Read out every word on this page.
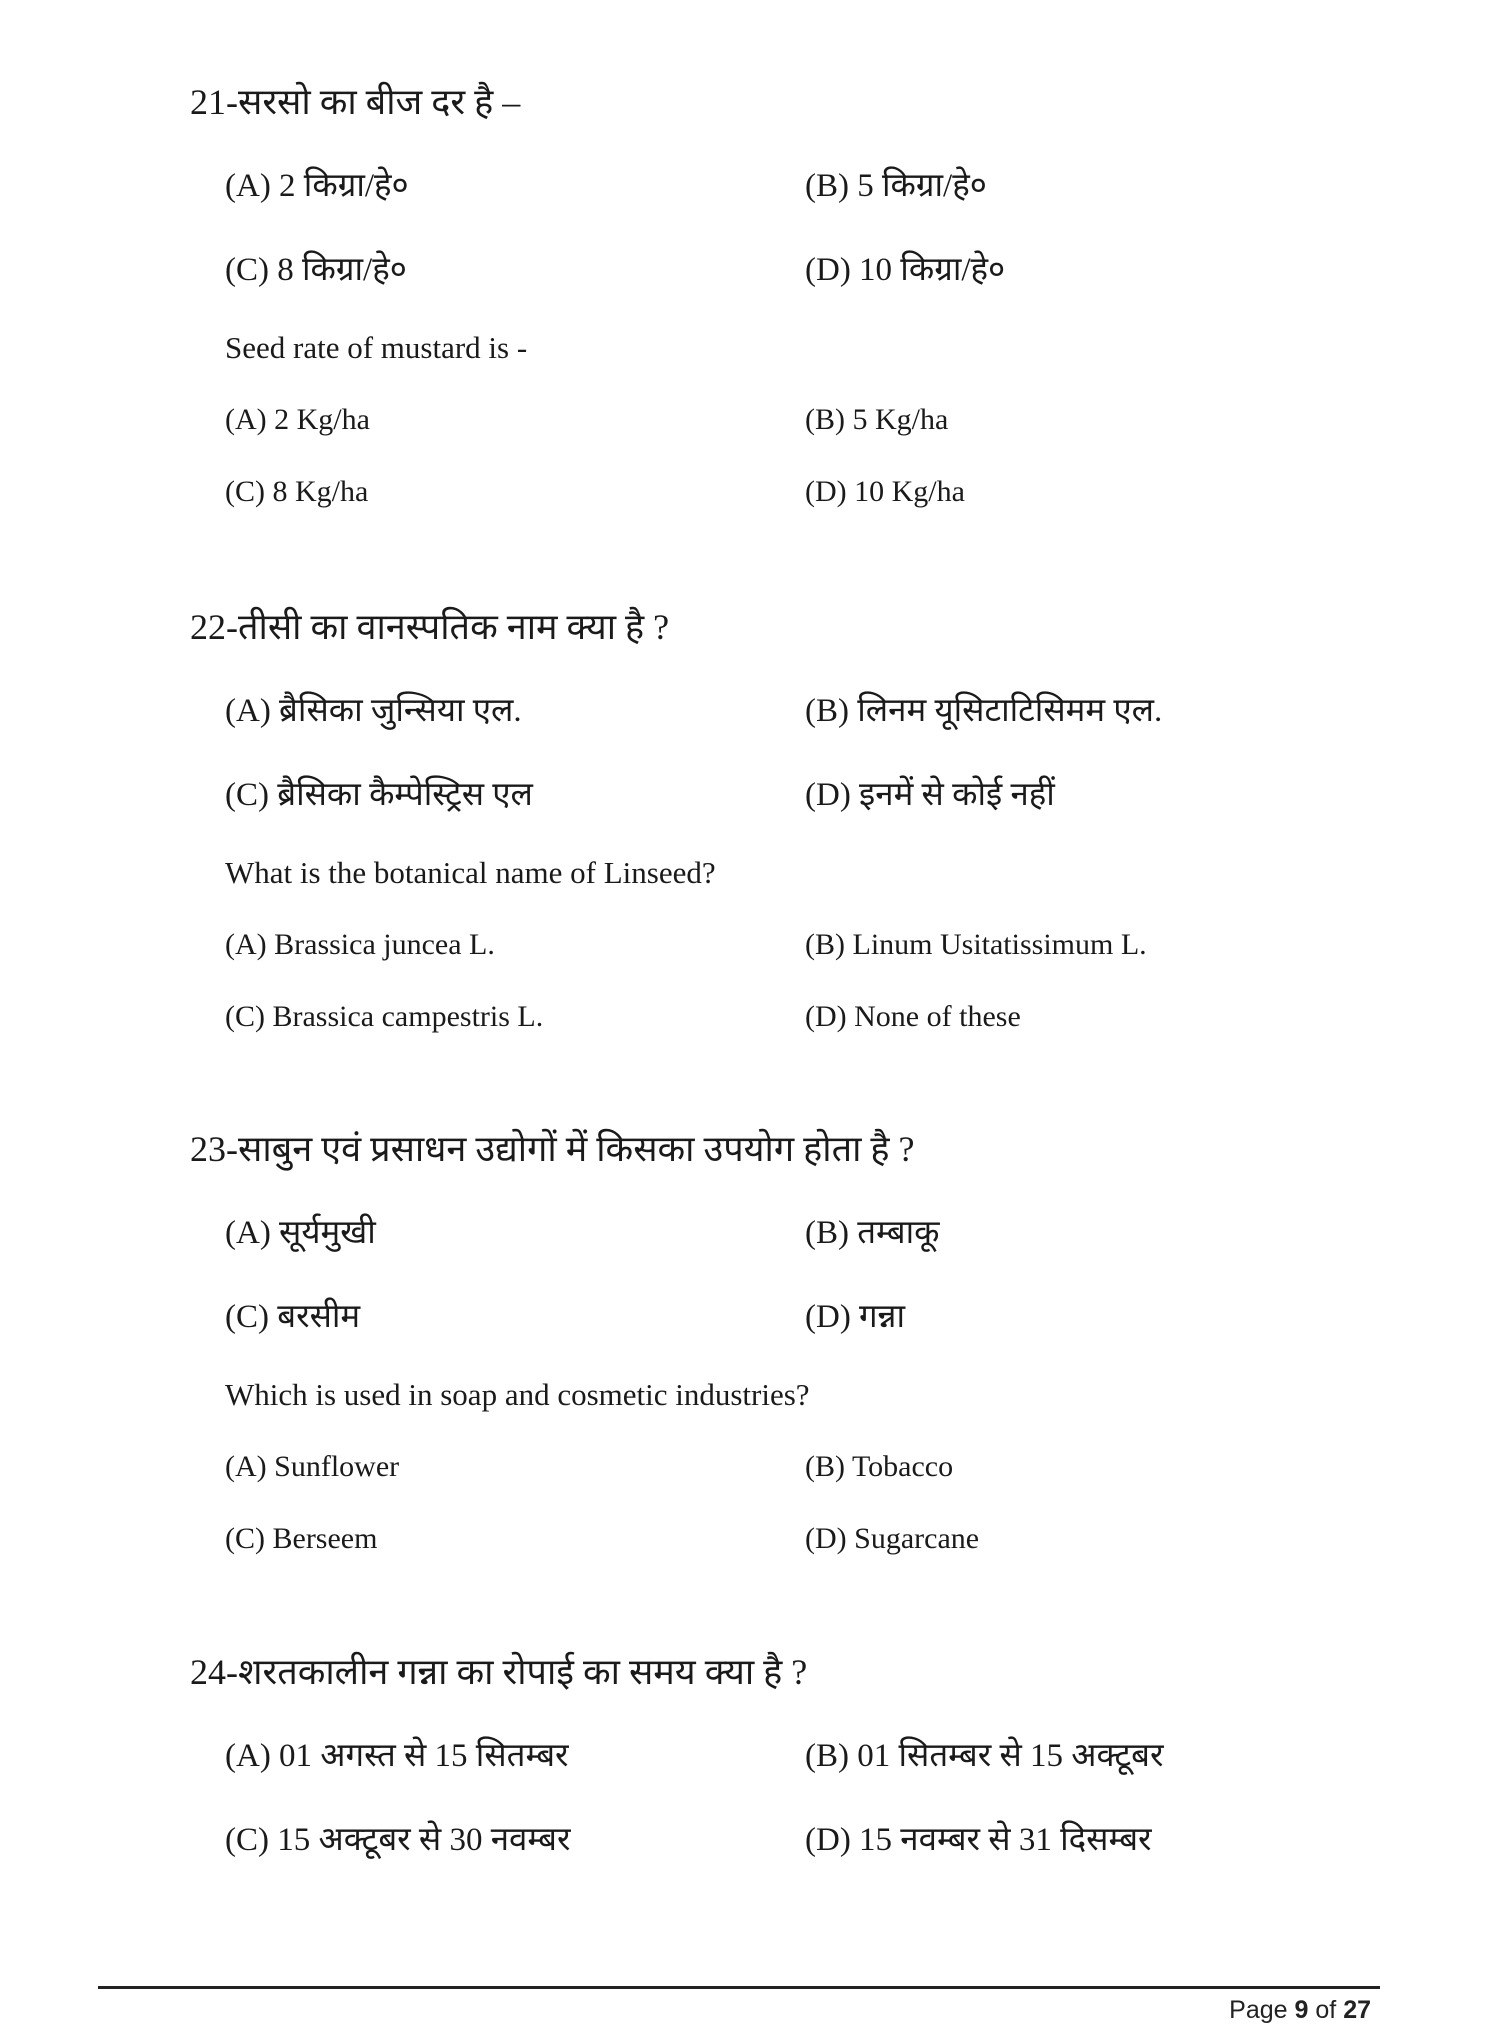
21-सरसो का बीज दर है –
(A) 2 किग्रा/हे०	(B) 5 किग्रा/हे०
(C) 8 किग्रा/हे०	(D) 10 किग्रा/हे०
Seed rate of mustard is -
(A) 2 Kg/ha	(B) 5 Kg/ha
(C) 8 Kg/ha	(D) 10 Kg/ha
22-तीसी का वानस्पतिक नाम क्या है ?
(A) ब्रैसिका जुन्सिया एल.	(B) लिनम यूसिटाटिसिमम एल.
(C) ब्रैसिका कैम्पेस्ट्रिस एल	(D) इनमें से कोई नहीं
What is the botanical name of Linseed?
(A) Brassica juncea L.	(B) Linum Usitatissimum L.
(C) Brassica campestris L.	(D) None of these
23-साबुन एवं प्रसाधन उद्योगों में किसका उपयोग होता है ?
(A) सूर्यमुखी	(B) तम्बाकू
(C) बरसीम	(D) गन्ना
Which is used in soap and cosmetic industries?
(A) Sunflower	(B) Tobacco
(C) Berseem	(D) Sugarcane
24-शरतकालीन गन्ना का रोपाई का समय क्या है ?
(A) 01 अगस्त से 15 सितम्बर	(B) 01 सितम्बर से 15 अक्टूबर
(C) 15 अक्टूबर से 30 नवम्बर	(D) 15 नवम्बर से 31 दिसम्बर
Page 9 of 27
